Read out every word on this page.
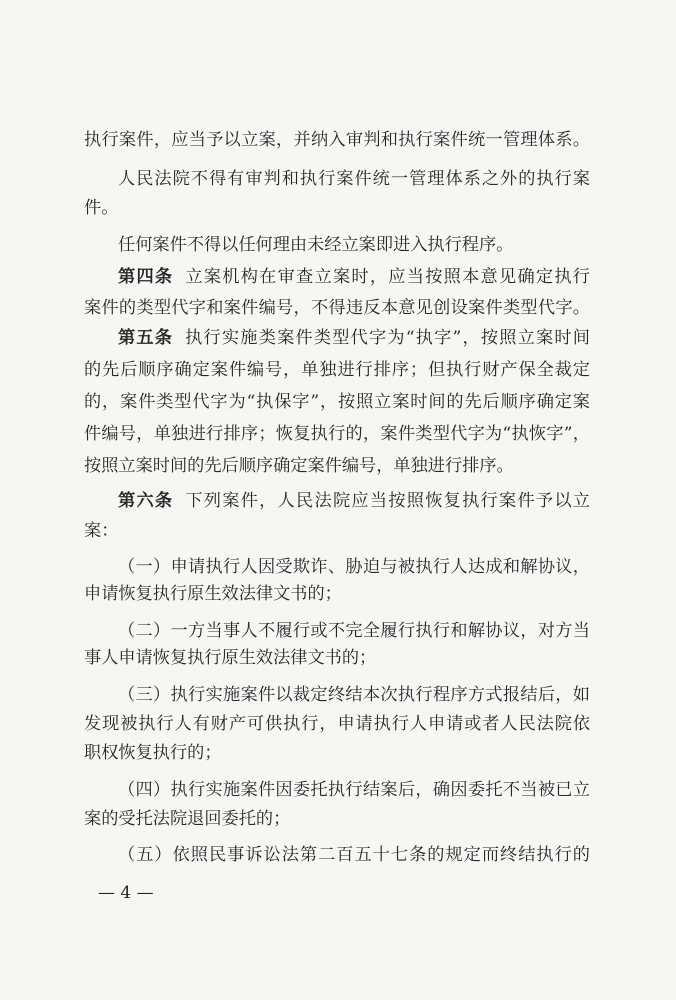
执行案件，应当予以立案，并纳入审判和执行案件统一管理体系。
人民法院不得有审判和执行案件统一管理体系之外的执行案
件。
任何案件不得以任何理由未经立案即进入执行程序。
第四条 立案机构在审查立案时，应当按照本意见确定执行
案件的类型代字和案件编号，不得违反本意见创设案件类型代字。
第五条 执行实施类案件类型代字为“执字”，按照立案时间
的先后顺序确定案件编号，单独进行排序；但执行财产保全裁定
的，案件类型代字为“执保字”，按照立案时间的先后顺序确定案
件编号，单独进行排序；恢复执行的，案件类型代字为“执恢字”，
按照立案时间的先后顺序确定案件编号，单独进行排序。
第六条 下列案件，人民法院应当按照恢复执行案件予以立
案：
（一）申请执行人因受欺诈、胁迫与被执行人达成和解协议，
申请恢复执行原生效法律文书的；
（二）一方当事人不履行或不完全履行执行和解协议，对方当
事人申请恢复执行原生效法律文书的；
（三）执行实施案件以裁定终结本次执行程序方式报结后，如
发现被执行人有财产可供执行，申请执行人申请或者人民法院依
职权恢复执行的；
（四）执行实施案件因委托执行结案后，确因委托不当被已立
案的受托法院退回委托的；
（五）依照民事诉讼法第二百五十七条的规定而终结执行的
— 4 —
